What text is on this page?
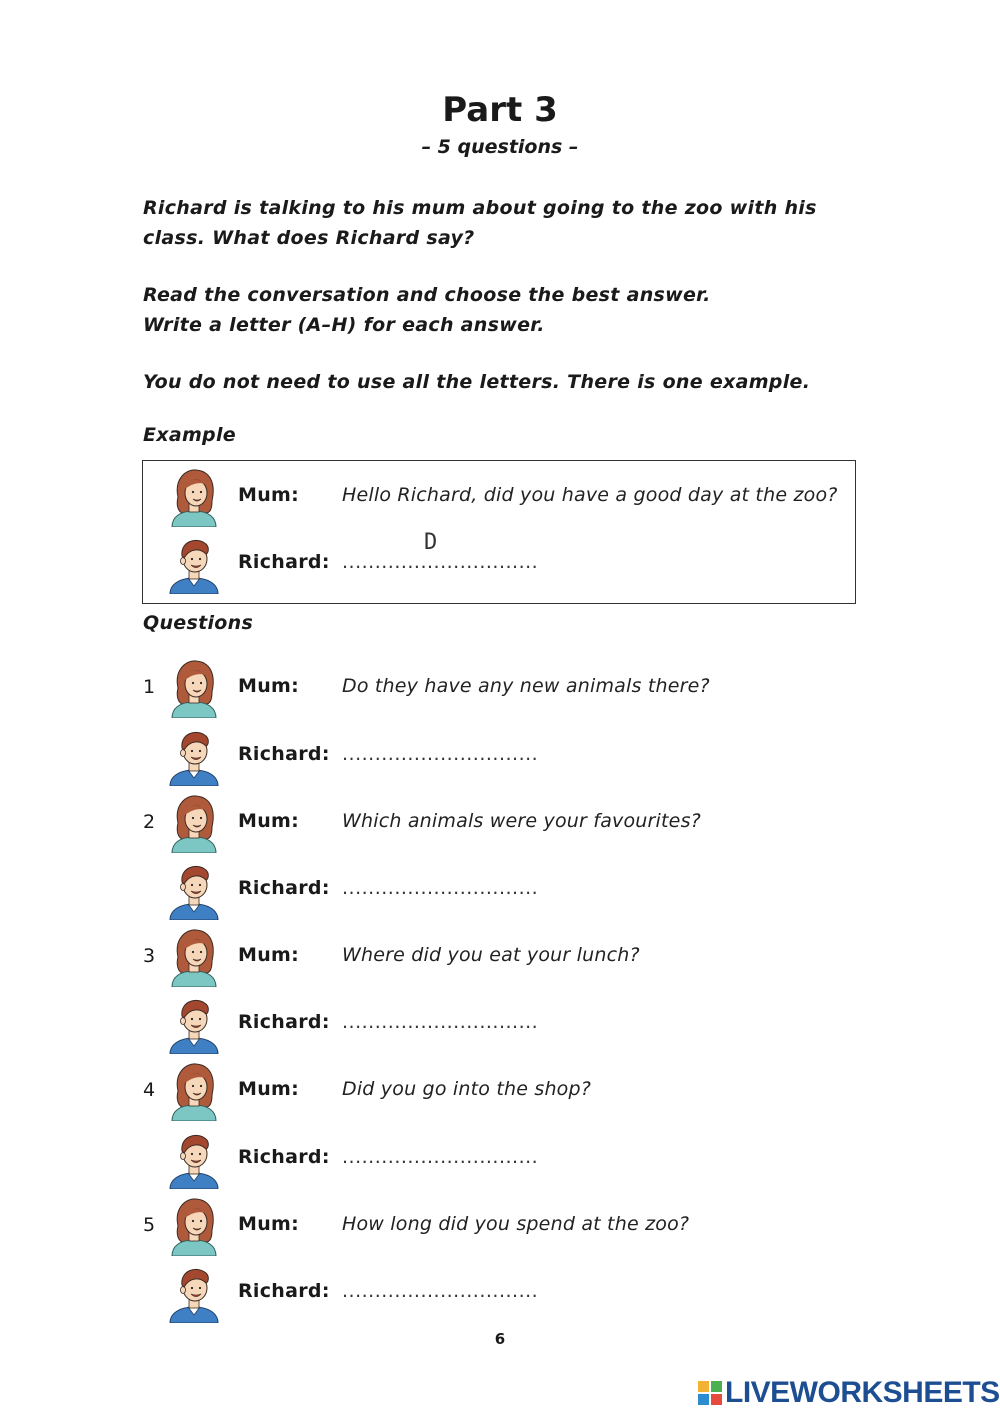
Part 3
– 5 questions –
Richard is talking to his mum about going to the zoo with his
class. What does Richard say?
Read the conversation and choose the best answer.
Write a letter (A–H) for each answer.
You do not need to use all the letters. There is one example.
Example
Mum: Hello Richard, did you have a good day at the zoo?
Richard: ..............................
D
Questions
1	Mum: Do they have any new animals there?
Richard: ..............................
2	Mum: Which animals were your favourites?
Richard: ..............................
3	Mum: Where did you eat your lunch?
Richard: ..............................
4	Mum: Did you go into the shop?
Richard: ..............................
5	Mum: How long did you spend at the zoo?
Richard: ..............................
6
LIVEWORKSHEETS
